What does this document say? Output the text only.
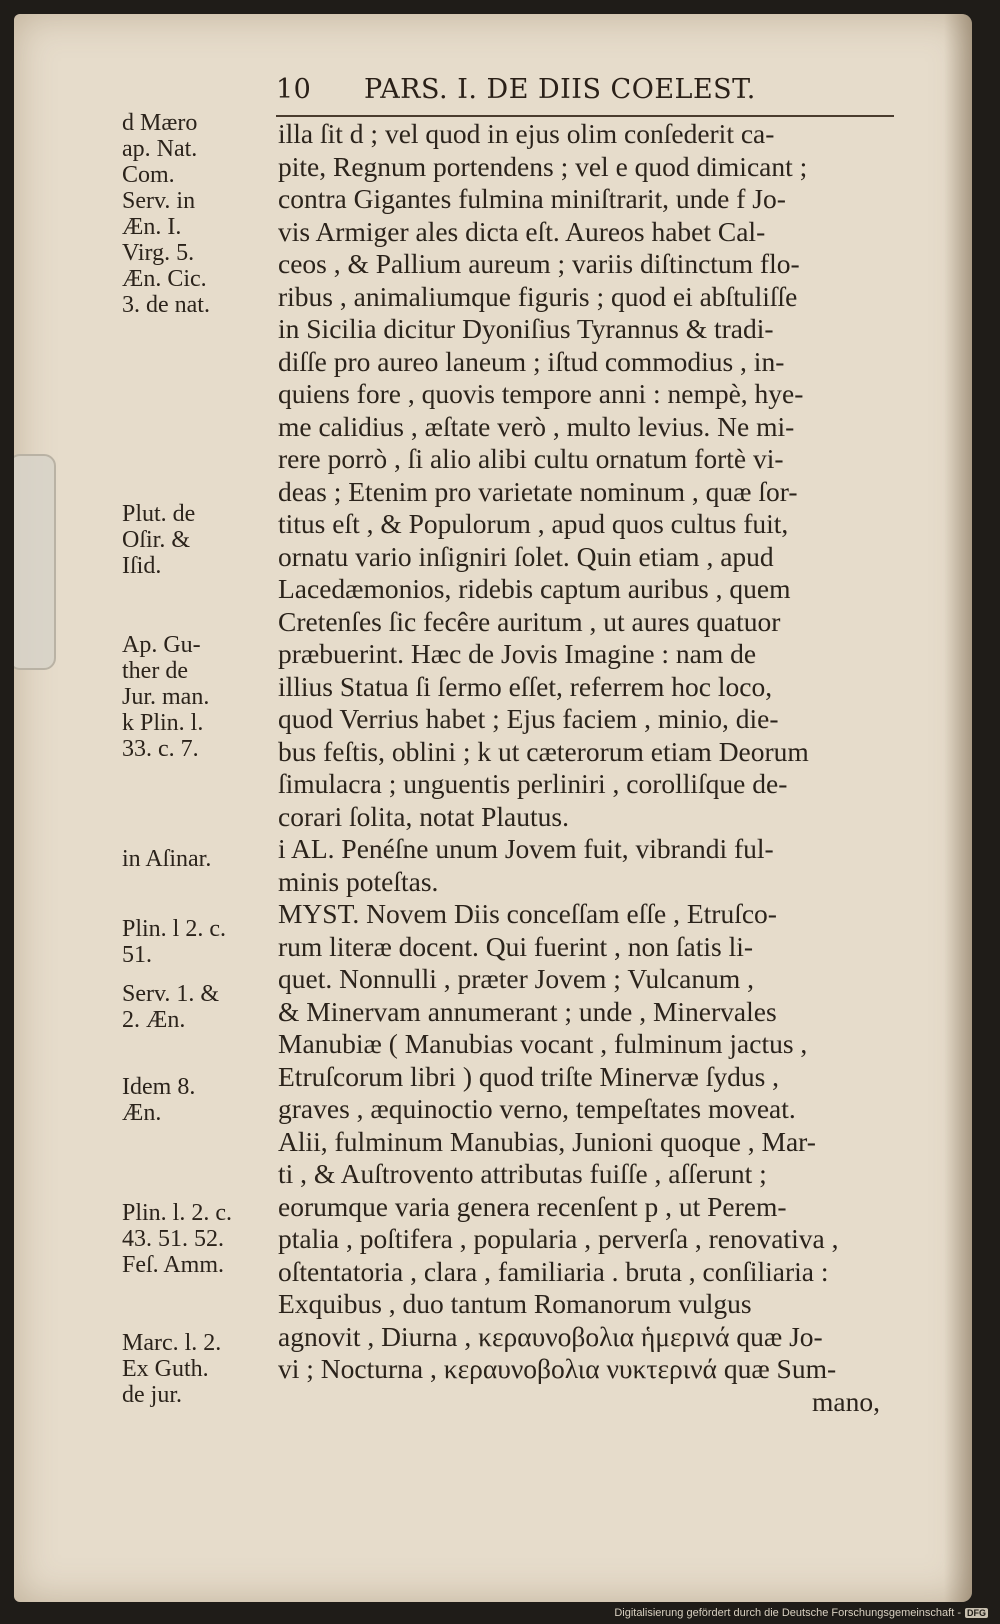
10 PARS. I. DE DIIS COELEST.
illa ſit d ; vel quod in ejus olim conſederit ca-
pite, Regnum portendens ; vel e quod dimicant ;
contra Gigantes fulmina miniſtrarit, unde f Jo-
vis Armiger ales dicta eſt. Aureos habet Cal-
ceos , & Pallium aureum ; variis diſtinctum flo-
ribus , animaliumque figuris ; quod ei abſtuliſſe
in Sicilia dicitur Dyoniſius Tyrannus & tradi-
diſſe pro aureo laneum ; iſtud commodius , in-
quiens fore , quovis tempore anni : nempè, hye-
me calidius , æſtate verò , multo levius. Ne mi-
rere porrò , ſi alio alibi cultu ornatum fortè vi-
deas ; Etenim pro varietate nominum , quæ ſor-
titus eſt , & Populorum , apud quos cultus fuit,
ornatu vario inſigniri ſolet. Quin etiam , apud
Lacedæmonios, ridebis captum auribus , quem
Cretenſes ſic fecêre auritum , ut aures quatuor
præbuerint. Hæc de Jovis Imagine : nam de
illius Statua ſi ſermo eſſet, referrem hoc loco,
quod Verrius habet ; Ejus faciem , minio, die-
bus feſtis, oblini ; k ut cæterorum etiam Deorum
ſimulacra ; unguentis perliniri , corolliſque de-
corari ſolita, notat Plautus.
i AL. Penéſne unum Jovem fuit, vibrandi ful-
minis poteſtas.
MYST. Novem Diis conceſſam eſſe , Etruſco-
rum literæ docent. Qui fuerint , non ſatis li-
quet. Nonnulli , præter Jovem ; Vulcanum ,
& Minervam annumerant ; unde , Minervales
Manubiæ ( Manubias vocant , fulminum jactus ,
Etruſcorum libri ) quod triſte Minervæ ſydus ,
graves , æquinoctio verno, tempeſtates moveat.
Alii, fulminum Manubias, Junioni quoque , Mar-
ti , & Auſtrovento attributas fuiſſe , aſſerunt ;
eorumque varia genera recenſent p , ut Perem-
ptalia , poſtifera , popularia , perverſa , renovativa ,
oſtentatoria , clara , familiaria . bruta , conſiliaria :
Exquibus , duo tantum Romanorum vulgus
agnovit , Diurna , κεραυνοβολια ἡμερινά quæ Jo-
vi ; Nocturna , κεραυνοβολια νυκτερινά quæ Sum-
mano,
d Mæro
ap. Nat.
Com.
Serv. in
Æn. I.
Virg. 5.
Æn. Cic.
3. de nat.
Plut. de
Oſir. &
Iſid.
Ap. Gu-
ther de
Jur. man.
k Plin. l.
33. c. 7.
in Aſinar.
Plin. l 2. c.
51.
Serv. 1. &
2. Æn.
Idem 8.
Æn.
Plin. l. 2. c.
43. 51. 52.
Feſ. Amm.
Marc. l. 2.
Ex Guth.
de jur.
Digitalisierung gefördert durch die Deutsche Forschungsgemeinschaft - DFG
